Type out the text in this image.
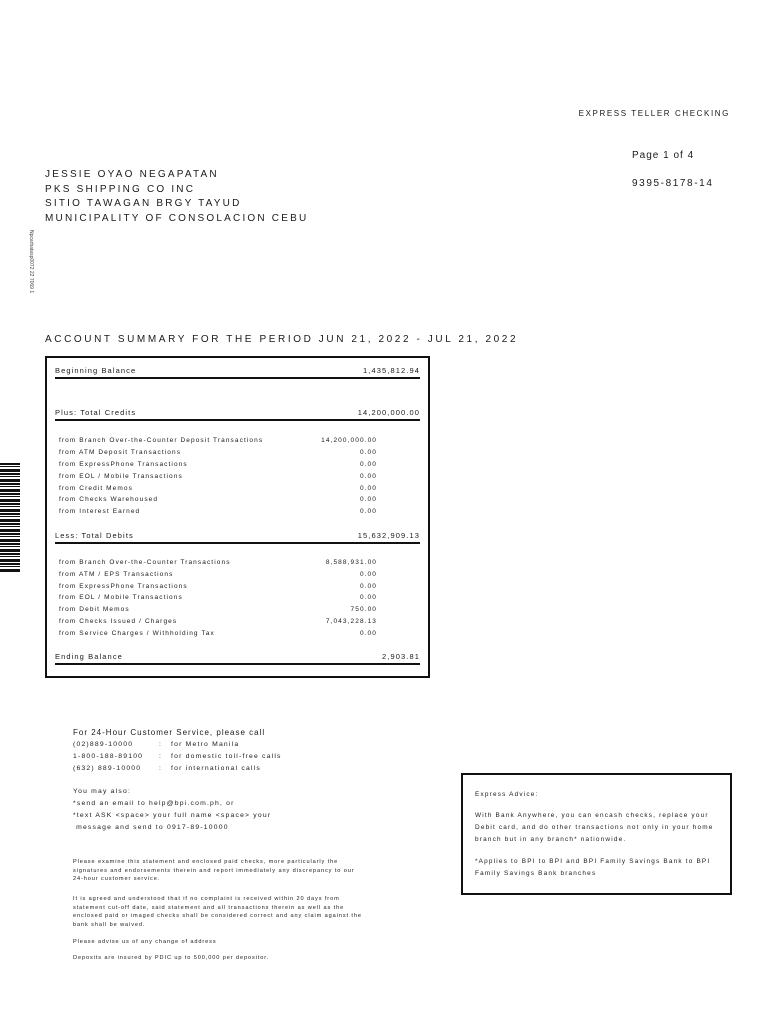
EXPRESS TELLER CHECKING
Page 1 of 4
9395-8178-14
Npcarbatasp0072 22 7069 1
JESSIE OYAO NEGAPATAN
PKS SHIPPING CO INC
SITIO TAWAGAN BRGY TAYUD
MUNICIPALITY OF CONSOLACION CEBU
ACCOUNT SUMMARY FOR THE PERIOD JUN 21, 2022 - JUL 21, 2022
Beginning Balance	1,435,812.94
Plus: Total Credits	14,200,000.00
from Branch Over-the-Counter Deposit Transactions	14,200,000.00
from ATM Deposit Transactions	0.00
from ExpressPhone Transactions	0.00
from EOL / Mobile Transactions	0.00
from Credit Memos	0.00
from Checks Warehoused	0.00
from Interest Earned	0.00
Less: Total Debits	15,632,909.13
from Branch Over-the-Counter Transactions	8,588,931.00
from ATM / EPS Transactions	0.00
from ExpressPhone Transactions	0.00
from EOL / Mobile Transactions	0.00
from Debit Memos	750.00
from Checks Issued / Charges	7,043,228.13
from Service Charges / Withholding Tax	0.00
Ending Balance	2,903.81
For 24-Hour Customer Service, please call
(02)889-10000	: for Metro Manila
1-800-188-89100 : for domestic toll-free calls
(632) 889-10000	: for international calls
You may also:
*send an email to help@bpi.com.ph, or
*text ASK <space> your full name <space> your
message and send to 0917-89-10000
Please examine this statement and enclosed paid checks, more particularly the signatures and endorsements therein and report immediately any discrepancy to our 24-hour customer service.
It is agreed and understood that if no complaint is received within 20 days from statement cut-off date, said statement and all transactions therein as well as the enclosed paid or imaged checks shall be considered correct and any claim against the bank shall be waived.
Please advise us of any change of address
Deposits are insured by PDIC up to 500,000 per depositor.
Express Advice:
With Bank Anywhere, you can encash checks, replace your Debit card, and do other transactions not only in your home branch but in any branch* nationwide.
*Applies to BPI to BPI and BPI Family Savings Bank to BPI Family Savings Bank branches
